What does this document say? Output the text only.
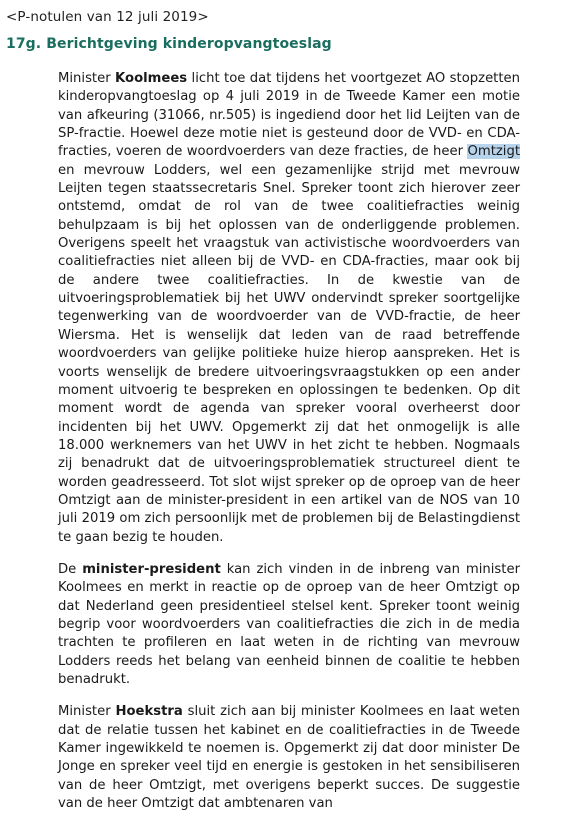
<P-notulen van 12 juli 2019>
17g. Berichtgeving kinderopvangtoeslag

Minister Koolmees licht toe dat tijdens het voortgezet AO stopzetten kinderopvangtoeslag op 4 juli 2019 in de Tweede Kamer een motie van afkeuring (31066, nr.505) is ingediend door het lid Leijten van de SP-fractie. Hoewel deze motie niet is gesteund door de VVD- en CDA-fracties, voeren de woordvoerders van deze fracties, de heer Omtzigt en mevrouw Lodders, wel een gezamenlijke strijd met mevrouw Leijten tegen staatssecretaris Snel. Spreker toont zich hierover zeer ontstemd, omdat de rol van de twee coalitiefracties weinig behulpzaam is bij het oplossen van de onderliggende problemen. Overigens speelt het vraagstuk van activistische woordvoerders van coalitiefracties niet alleen bij de VVD- en CDA-fracties, maar ook bij de andere twee coalitiefracties. In de kwestie van de uitvoeringsproblematiek bij het UWV ondervindt spreker soortgelijke tegenwerking van de woordvoerder van de VVD-fractie, de heer Wiersma. Het is wenselijk dat leden van de raad betreffende woordvoerders van gelijke politieke huize hierop aanspreken. Het is voorts wenselijk de bredere uitvoeringsvraagstukken op een ander moment uitvoerig te bespreken en oplossingen te bedenken. Op dit moment wordt de agenda van spreker vooral overheerst door incidenten bij het UWV. Opgemerkt zij dat het onmogelijk is alle 18.000 werknemers van het UWV in het zicht te hebben. Nogmaals zij benadrukt dat de uitvoeringsproblematiek structureel dient te worden geadresseerd. Tot slot wijst spreker op de oproep van de heer Omtzigt aan de minister-president in een artikel van de NOS van 10 juli 2019 om zich persoonlijk met de problemen bij de Belastingdienst te gaan bezig te houden.

De minister-president kan zich vinden in de inbreng van minister Koolmees en merkt in reactie op de oproep van de heer Omtzigt op dat Nederland geen presidentieel stelsel kent. Spreker toont weinig begrip voor woordvoerders van coalitiefracties die zich in de media trachten te profileren en laat weten in de richting van mevrouw Lodders reeds het belang van eenheid binnen de coalitie te hebben benadrukt.

Minister Hoekstra sluit zich aan bij minister Koolmees en laat weten dat de relatie tussen het kabinet en de coalitiefracties in de Tweede Kamer ingewikkeld te noemen is. Opgemerkt zij dat door minister De Jonge en spreker veel tijd en energie is gestoken in het sensibiliseren van de heer Omtzigt, met overigens beperkt succes. De suggestie van de heer Omtzigt dat ambtenaren van
